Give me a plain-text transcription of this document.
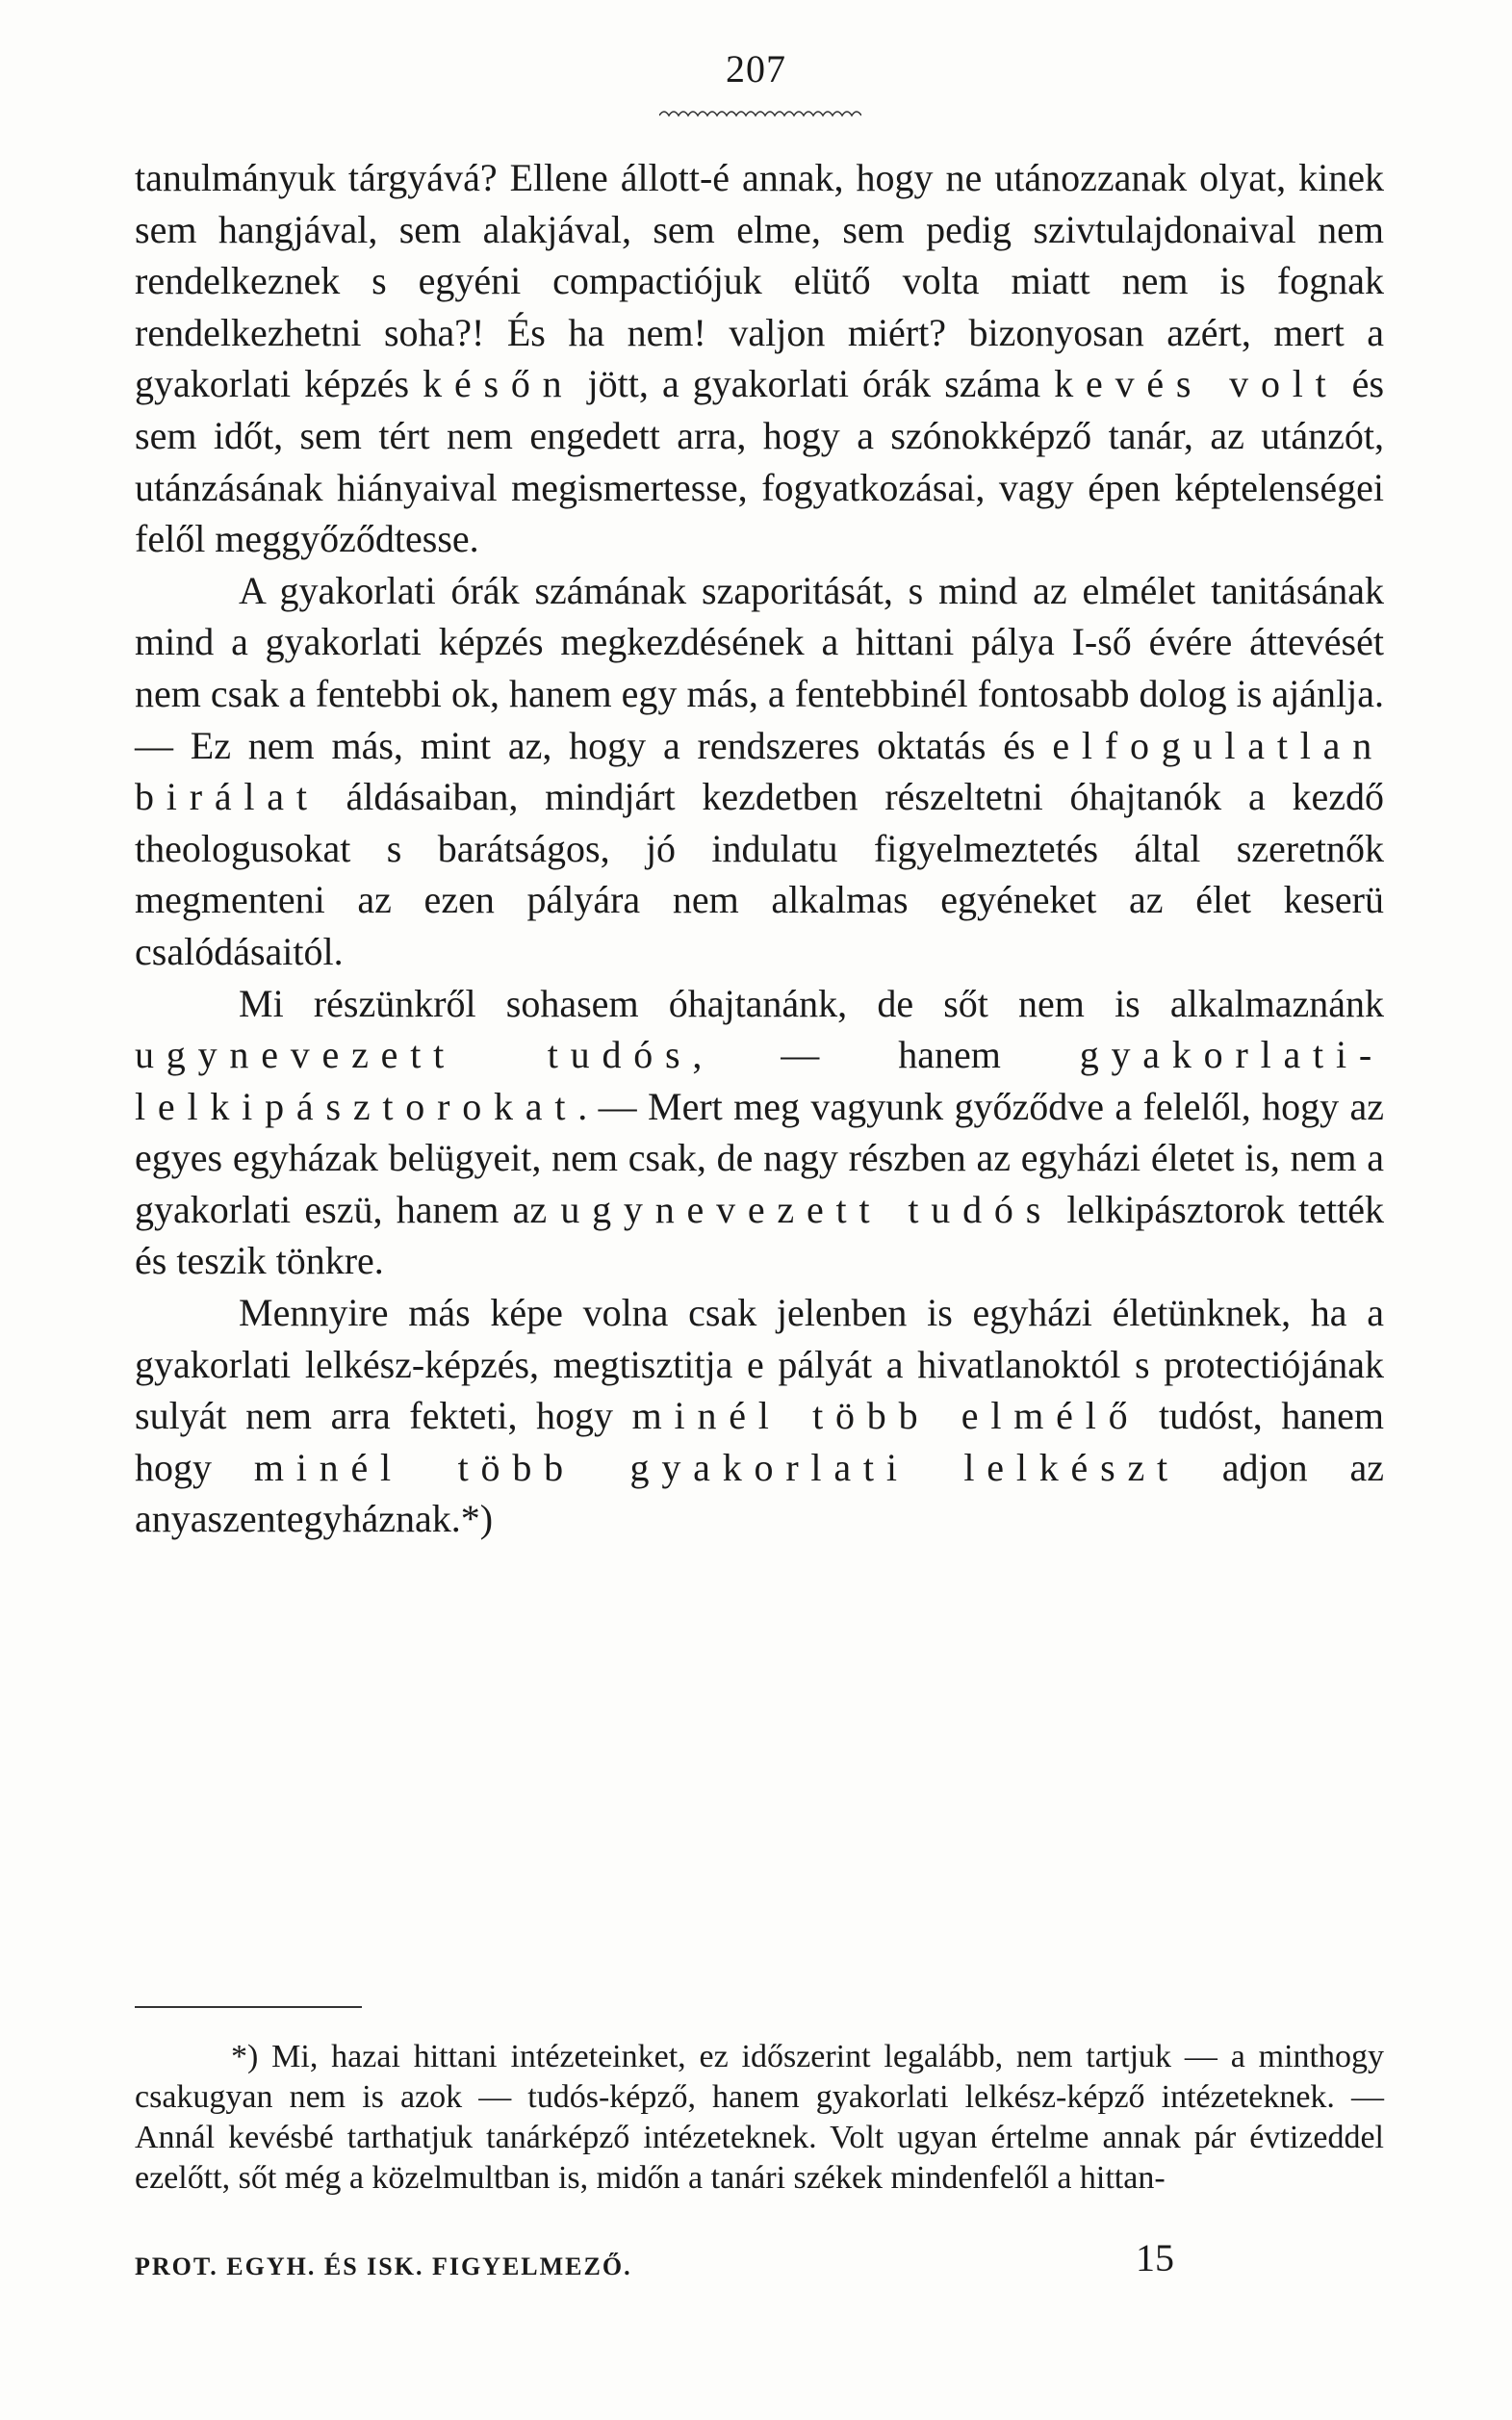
207

tanulmányuk tárgyává? Ellene állott-é annak, hogy ne utánozzanak olyat, kinek sem hangjával, sem alakjával, sem elme, sem pedig szivtulajdonaival nem rendelkeznek s egyéni compactiójuk elütő volta miatt nem is fognak rendelkezhetni soha?! És ha nem! valjon miért? bizonyosan azért, mert a gyakorlati képzés későn jött, a gyakorlati órák száma kevés volt és sem időt, sem tért nem engedett arra, hogy a szónokképző tanár, az utánzót, utánzásának hiányaival megismertesse, fogyatkozásai, vagy épen képtelenségei felől meggyőződtesse.

A gyakorlati órák számának szaporitását, s mind az elmélet tanitásának mind a gyakorlati képzés megkezdésének a hittani pálya I-ső évére áttevését nem csak a fentebbi ok, hanem egy más, a fentebbinél fontosabb dolog is ajánlja. — Ez nem más, mint az, hogy a rendszeres oktatás és elfogulatlan birálat áldásaiban, mindjárt kezdetben részeltetni óhajtanók a kezdő theologusokat s barátságos, jó indulatu figyelmeztetés által szeretnők megmenteni az ezen pályára nem alkalmas egyéneket az élet keserü csalódásaitól.

Mi részünkről sohasem óhajtanánk, de sőt nem is alkalmaznánk ugynevezett tudós, — hanem gyakorlati-lelkipásztorokat. — Mert meg vagyunk győződve a felelől, hogy az egyes egyházak belügyeit, nem csak, de nagy részben az egyházi életet is, nem a gyakorlati eszü, hanem az ugynevezett tudós lelkipásztorok tették és teszik tönkre.

Mennyire más képe volna csak jelenben is egyházi életünknek, ha a gyakorlati lelkész-képzés, megtisztitja e pályát a hivatlanoktól s protectiójának sulyát nem arra fekteti, hogy minél több elmélő tudóst, hanem hogy minél több gyakorlati lelkészt adjon az anyaszentegyháznak.*)

*) Mi, hazai hittani intézeteinket, ez időszerint legalább, nem tartjuk — a minthogy csakugyan nem is azok — tudós-képző, hanem gyakorlati lelkész-képző intézeteknek. — Annál kevésbé tarthatjuk tanárképző intézeteknek. Volt ugyan értelme annak pár évtizeddel ezelőtt, sőt még a közelmultban is, midőn a tanári székek mindenfelől a hittan-

PROT. EGYH. ÉS ISK. FIGYELMEZŐ.	15
